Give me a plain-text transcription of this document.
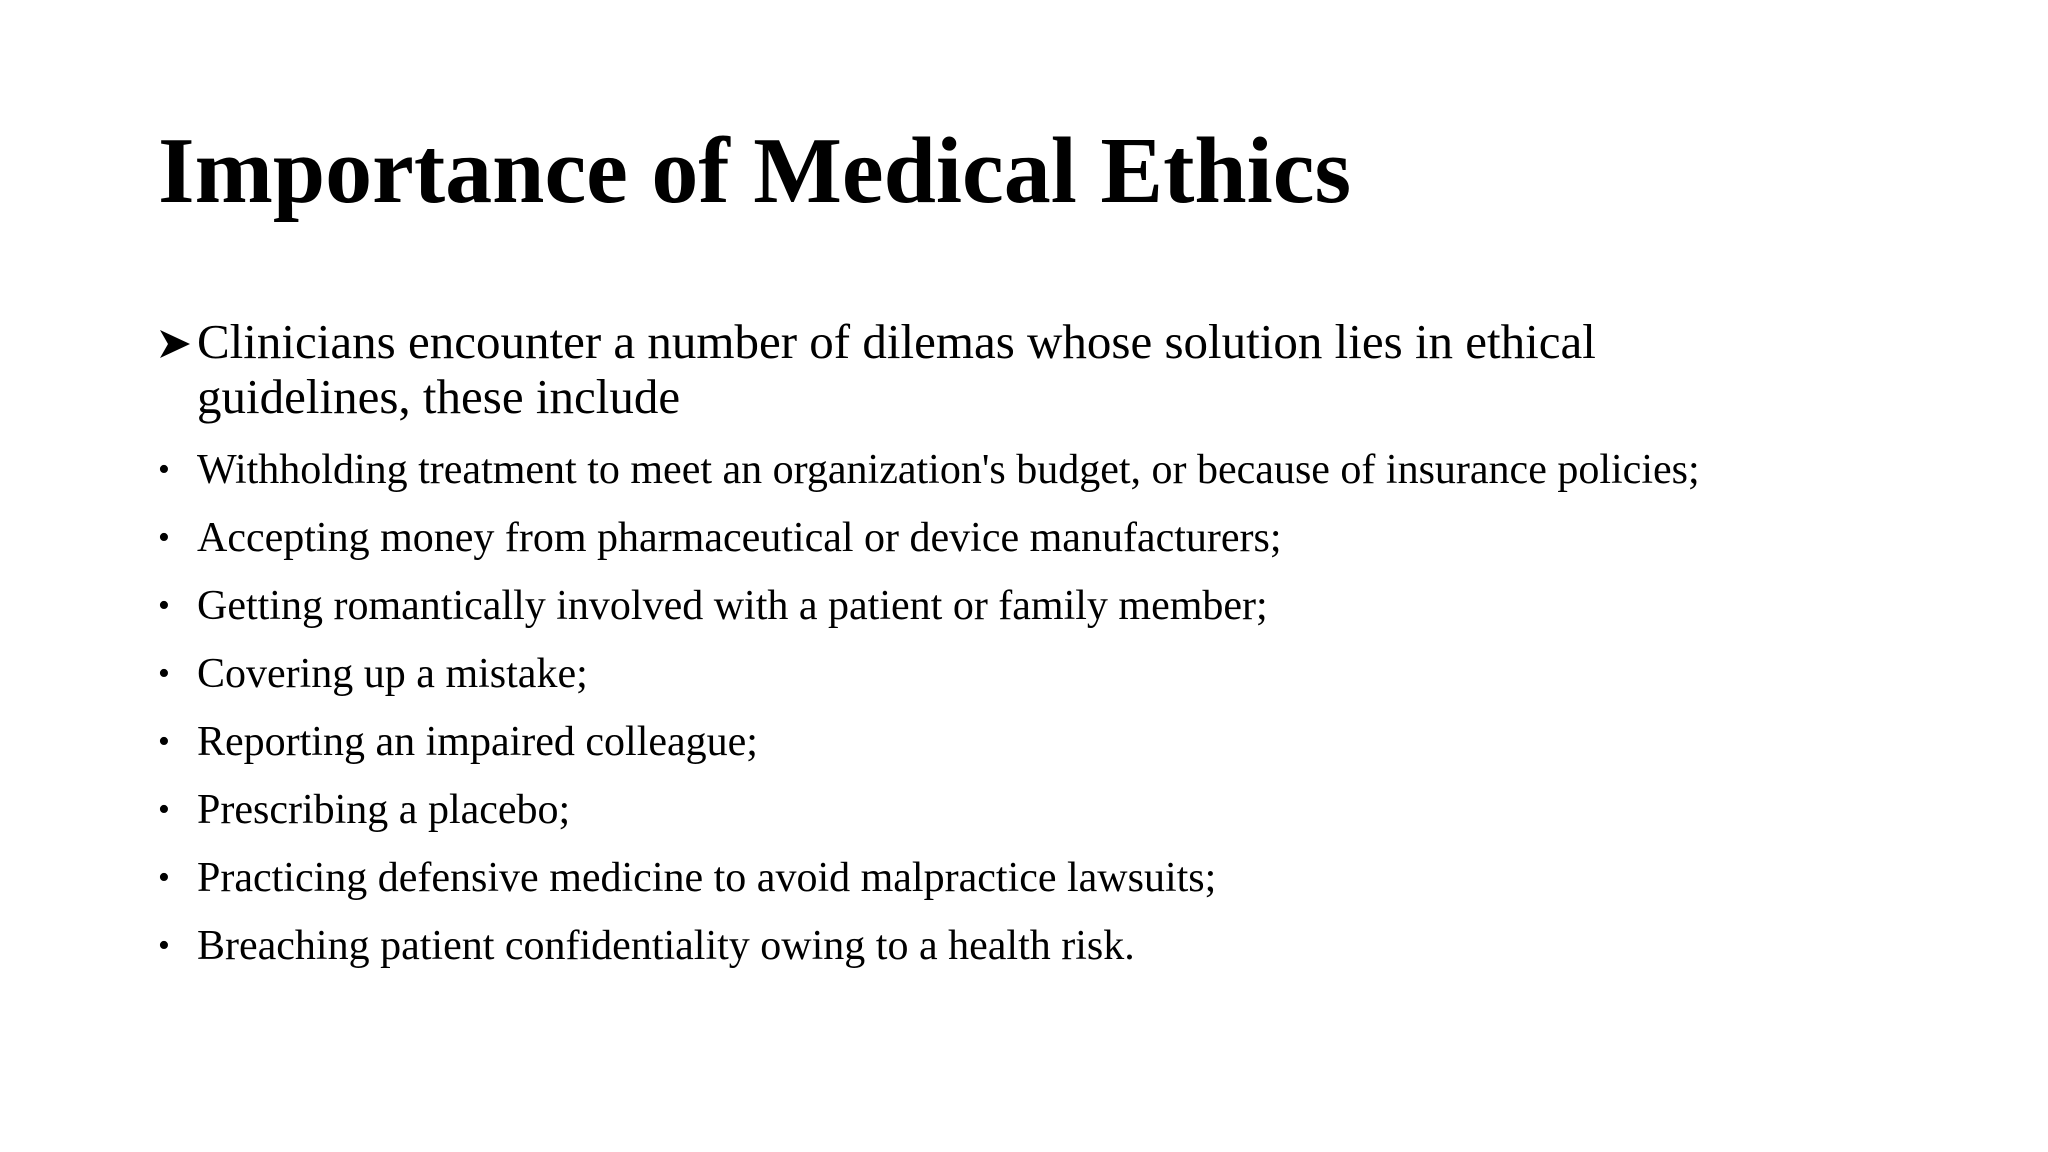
Importance of Medical Ethics
Clinicians encounter a number of dilemas whose solution lies in ethical guidelines, these include
• Withholding treatment to meet an organization's budget, or because of insurance policies;
• Accepting money from pharmaceutical or device manufacturers;
• Getting romantically involved with a patient or family member;
• Covering up a mistake;
• Reporting an impaired colleague;
• Prescribing a placebo;
• Practicing defensive medicine to avoid malpractice lawsuits;
• Breaching patient confidentiality owing to a health risk.
